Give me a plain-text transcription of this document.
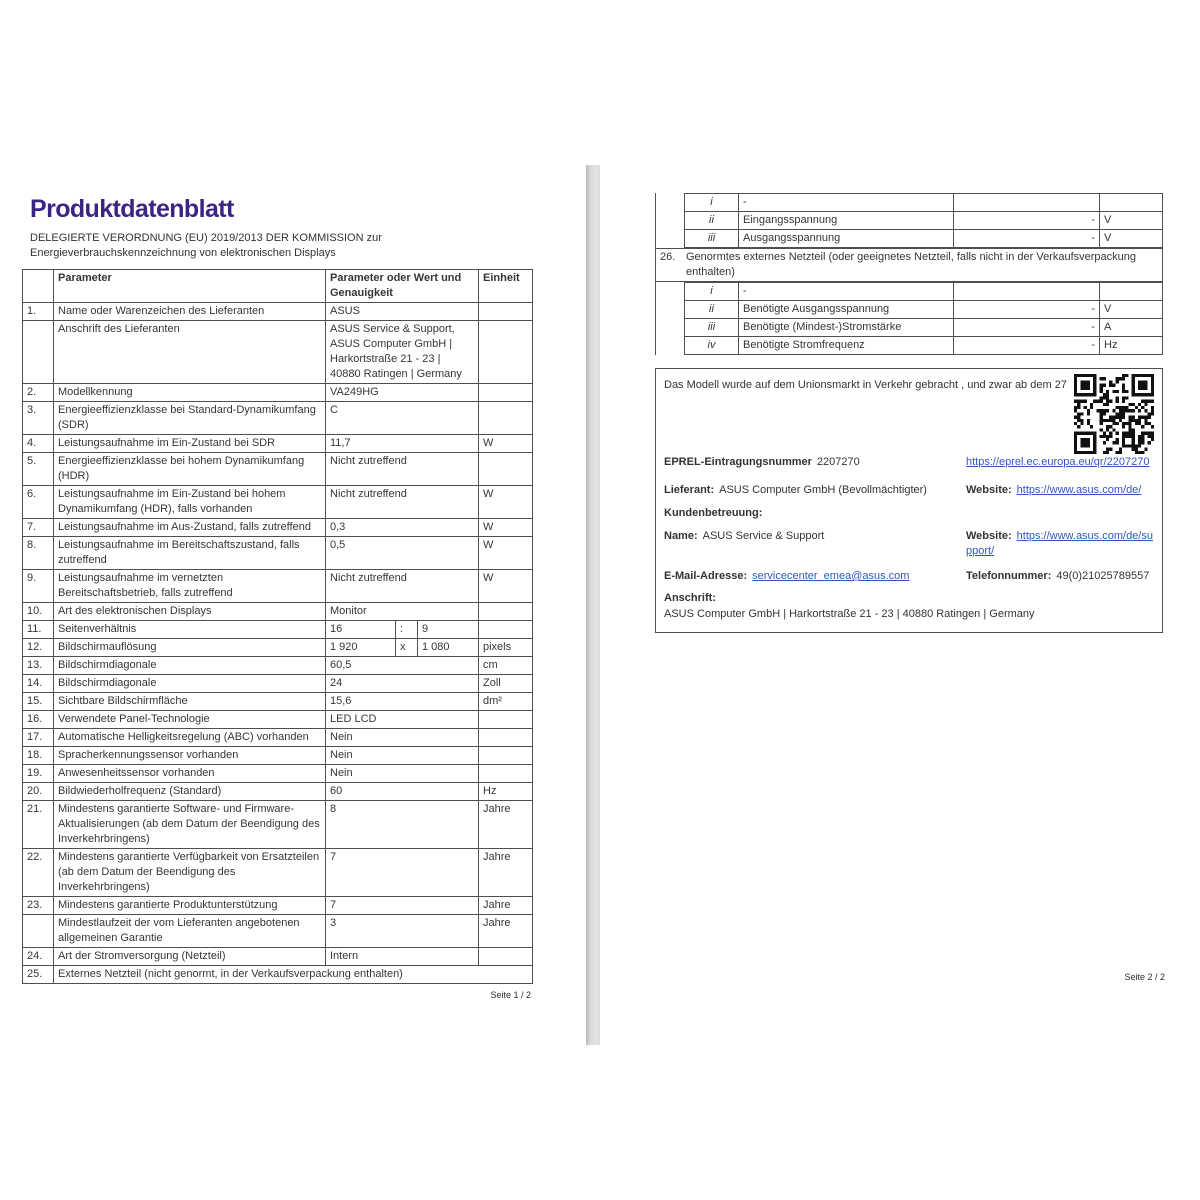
Produktdatenblatt
DELEGIERTE VERORDNUNG (EU) 2019/2013 DER KOMMISSION zur
Energieverbrauchskennzeichnung von elektronischen Displays
	Parameter	Parameter oder Wert und Genauigkeit			Einheit
1.	Name oder Warenzeichen des Lieferanten	ASUS			
	Anschrift des Lieferanten	ASUS Service & Support, ASUS Computer GmbH | Harkortstraße 21 - 23 | 40880 Ratingen | Germany			
2.	Modellkennung	VA249HG			
3.	Energieeffizienzklasse bei Standard-Dynamikumfang (SDR)	C			
4.	Leistungsaufnahme im Ein-Zustand bei SDR	11,7			W
5.	Energieeffizienzklasse bei hohem Dynamikumfang (HDR)	Nicht zutreffend			
6.	Leistungsaufnahme im Ein-Zustand bei hohem Dynamikumfang (HDR), falls vorhanden	Nicht zutreffend			W
7.	Leistungsaufnahme im Aus-Zustand, falls zutreffend	0,3			W
8.	Leistungsaufnahme im Bereitschaftszustand, falls zutreffend	0,5			W
9.	Leistungsaufnahme im vernetzten Bereitschaftsbetrieb, falls zutreffend	Nicht zutreffend			W
10.	Art des elektronischen Displays	Monitor			
11.	Seitenverhältnis	16	:	9	
12.	Bildschirmauflösung	1 920	x	1 080	pixels
13.	Bildschirmdiagonale	60,5			cm
14.	Bildschirmdiagonale	24			Zoll
15.	Sichtbare Bildschirmfläche	15,6			dm²
16.	Verwendete Panel-Technologie	LED LCD			
17.	Automatische Helligkeitsregelung (ABC) vorhanden	Nein			
18.	Spracherkennungssensor vorhanden	Nein			
19.	Anwesenheitssensor vorhanden	Nein			
20.	Bildwiederholfrequenz (Standard)	60			Hz
21.	Mindestens garantierte Software- und Firmware-Aktualisierungen (ab dem Datum der Beendigung des Inverkehrbringens)	8			Jahre
22.	Mindestens garantierte Verfügbarkeit von Ersatzteilen (ab dem Datum der Beendigung des Inverkehrbringens)	7			Jahre
23.	Mindestens garantierte Produktunterstützung	7			Jahre
	Mindestlaufzeit der vom Lieferanten angebotenen allgemeinen Garantie	3			Jahre
24.	Art der Stromversorgung (Netzteil)	Intern			
25.	Externes Netzteil (nicht genormt, in der Verkaufsverpackung enthalten)				
Seite 1 / 2
i	-		
ii	Eingangsspannung	-	V
iii	Ausgangsspannung	-	V
26. Genormtes externes Netzteil (oder geeignetes Netzteil, falls nicht in der Verkaufsverpackung enthalten)
i	-		
ii	Benötigte Ausgangsspannung	-	V
iii	Benötigte (Mindest-)Stromstärke	-	A
iv	Benötigte Stromfrequenz	-	Hz
Das Modell wurde auf dem Unionsmarkt in Verkehr gebracht , und zwar ab dem 27
EPREL-Eintragungsnummer 2207270	https://eprel.ec.europa.eu/qr/2207270
Lieferant: ASUS Computer GmbH (Bevollmächtigter)	Website: https://www.asus.com/de/
Kundenbetreuung:
Name: ASUS Service & Support	Website: https://www.asus.com/de/support/
E-Mail-Adresse: servicecenter_emea@asus.com	Telefonnummer: 49(0)21025789557
Anschrift:
ASUS Computer GmbH | Harkortstraße 21 - 23 | 40880 Ratingen | Germany
Seite 2 / 2
